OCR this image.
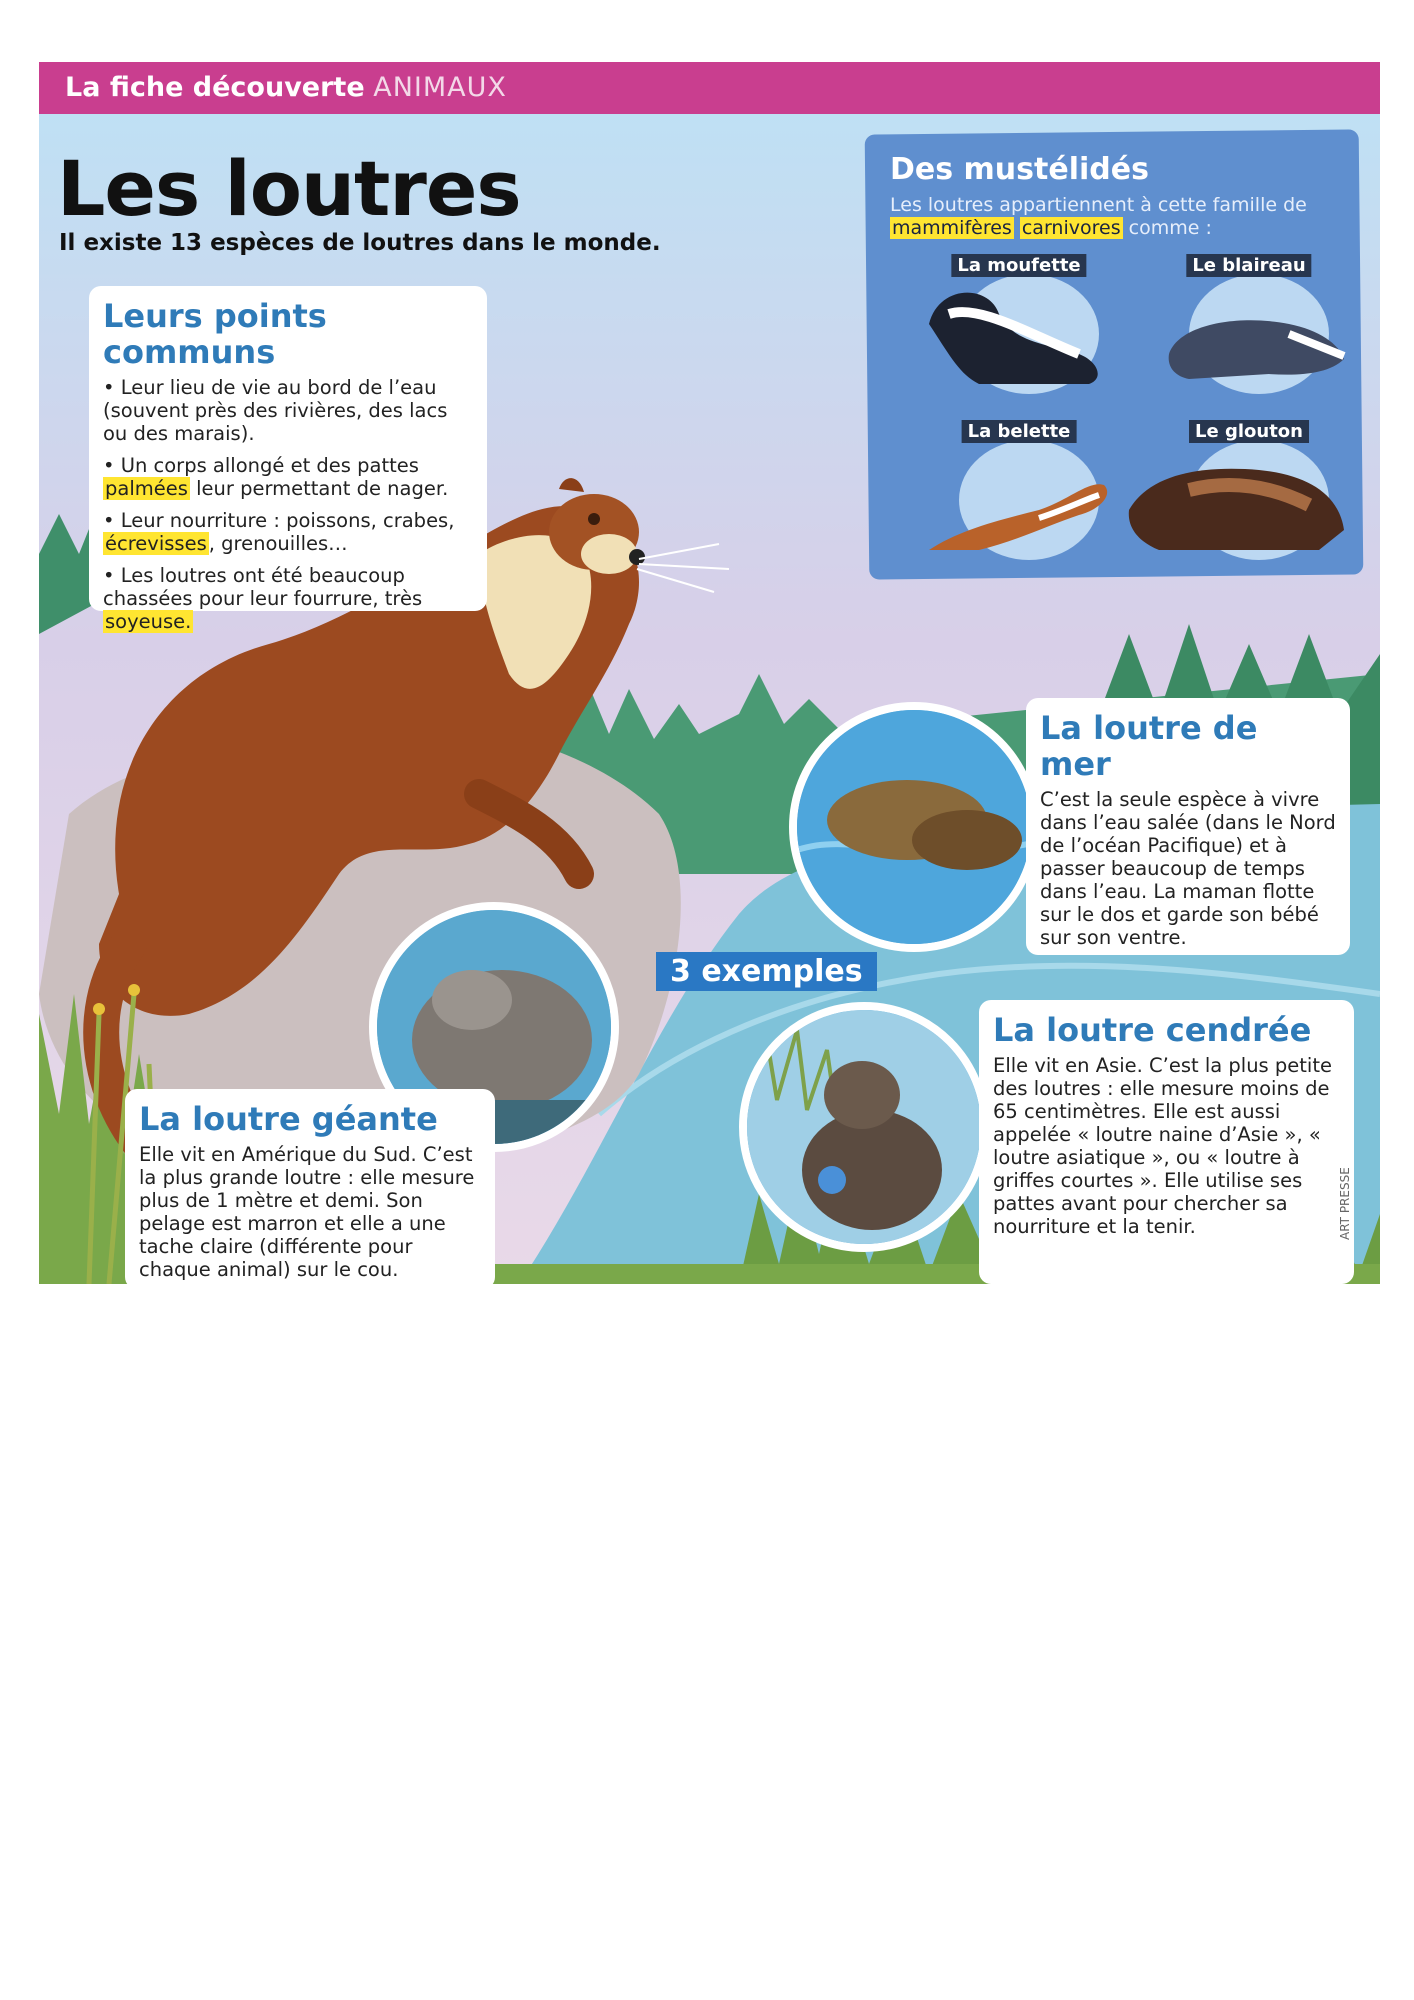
La fiche découverte ANIMAUX
Les loutres
Il existe 13 espèces de loutres dans le monde.
Leurs points communs

• Leur lieu de vie au bord de l’eau (souvent près des rivières, des lacs ou des marais).

• Un corps allongé et des pattes palmées leur permettant de nager.

• Leur nourriture : poissons, crabes, écrevisses , grenouilles…

• Les loutres ont été beaucoup chassées pour leur fourrure, très soyeuse.

Des mustélidés
Les loutres appartiennent à cette famille de mammifères carnivores comme :
La moufette	Le blaireau
La belette	Le glouton
La loutre de mer

C’est la seule espèce à vivre dans l’eau salée (dans le Nord de l’océan Pacifique) et à passer beaucoup de temps dans l’eau. La maman flotte sur le dos et garde son bébé sur son ventre.

3 exemples
La loutre géante

Elle vit en Amérique du Sud. C’est la plus grande loutre : elle mesure plus de 1 mètre et demi. Son pelage est marron et elle a une tache claire (différente pour chaque animal) sur le cou.

La loutre cendrée

Elle vit en Asie. C’est la plus petite des loutres : elle mesure moins de 65 centimètres. Elle est aussi appelée « loutre naine d’Asie », « loutre asiatique », ou « loutre à griffes courtes ». Elle utilise ses pattes avant pour chercher sa nourriture et la tenir.	ART PRESSE
